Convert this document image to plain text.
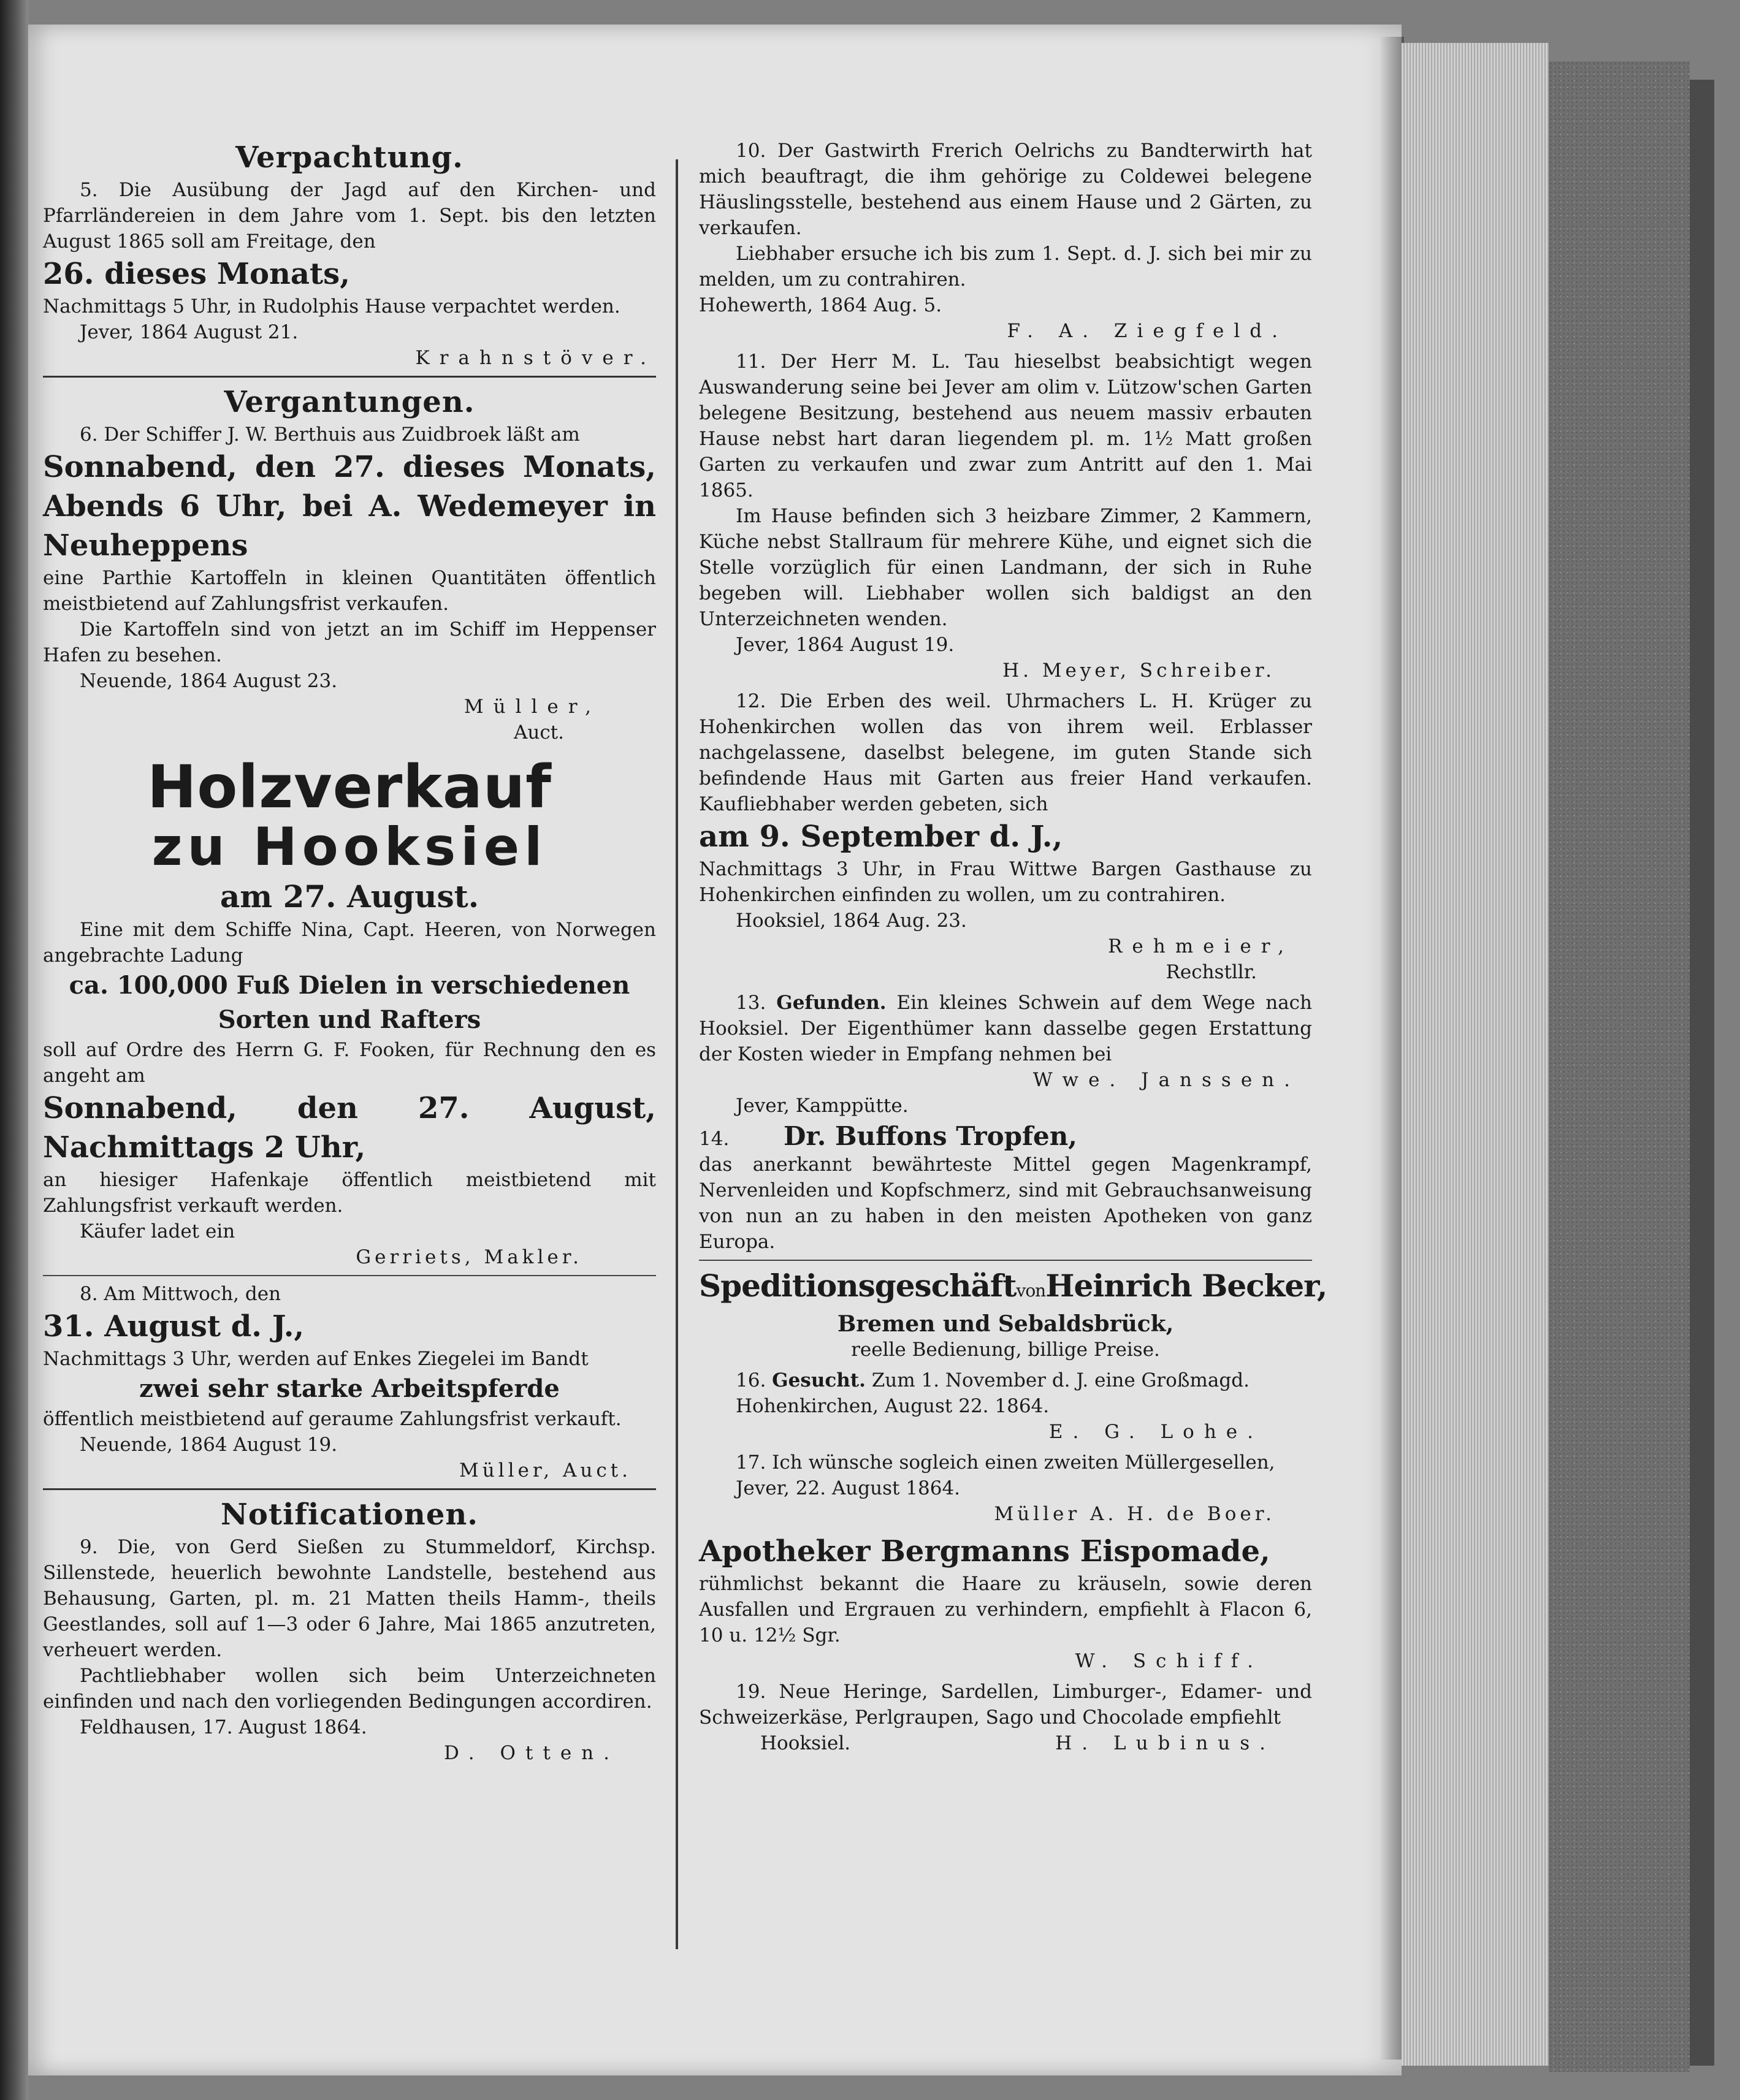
Verpachtung.

5. Die Ausübung der Jagd auf den Kirchen- und Pfarrländereien in dem Jahre vom 1. Sept. bis den letzten August 1865 soll am Freitage, den

26. dieses Monats,

Nachmittags 5 Uhr, in Rudolphis Hause verpachtet werden.

Jever, 1864 August 21.

Krahnstöver.

Vergantungen.

6. Der Schiffer J. W. Berthuis aus Zuidbroek läßt am

Sonnabend, den 27. dieses Monats, Abends 6 Uhr, bei A. Wedemeyer in Neuheppens

eine Parthie Kartoffeln in kleinen Quantitäten öffentlich meistbietend auf Zahlungsfrist verkaufen.

Die Kartoffeln sind von jetzt an im Schiff im Heppenser Hafen zu besehen.

Neuende, 1864 August 23.

Müller,

Auct.

Holzverkauf

zu Hooksiel

am 27. August.

Eine mit dem Schiffe Nina, Capt. Heeren, von Norwegen angebrachte Ladung

ca. 100,000 Fuß Dielen in verschiedenen Sorten und Rafters

soll auf Ordre des Herrn G. F. Fooken, für Rechnung den es angeht am

Sonnabend, den 27. August, Nachmittags 2 Uhr,

an hiesiger Hafenkaje öffentlich meistbietend mit Zahlungsfrist verkauft werden.

Käufer ladet ein

Gerriets, Makler.

8. Am Mittwoch, den

31. August d. J.,

Nachmittags 3 Uhr, werden auf Enkes Ziegelei im Bandt

zwei sehr starke Arbeitspferde

öffentlich meistbietend auf geraume Zahlungsfrist verkauft.

Neuende, 1864 August 19.

Müller, Auct.

Notificationen.

9. Die, von Gerd Sießen zu Stummeldorf, Kirchsp. Sillenstede, heuerlich bewohnte Landstelle, bestehend aus Behausung, Garten, pl. m. 21 Matten theils Hamm-, theils Geestlandes, soll auf 1—3 oder 6 Jahre, Mai 1865 anzutreten, verheuert werden.

Pachtliebhaber wollen sich beim Unterzeichneten einfinden und nach den vorliegenden Bedingungen accordiren.

Feldhausen, 17. August 1864.

D. Otten.

10. Der Gastwirth Frerich Oelrichs zu Bandterwirth hat mich beauftragt, die ihm gehörige zu Coldewei belegene Häuslingsstelle, bestehend aus einem Hause und 2 Gärten, zu verkaufen.

Liebhaber ersuche ich bis zum 1. Sept. d. J. sich bei mir zu melden, um zu contrahiren.

Hohewerth, 1864 Aug. 5.

F. A. Ziegfeld.

11. Der Herr M. L. Tau hieselbst beabsichtigt wegen Auswanderung seine bei Jever am olim v. Lützow'schen Garten belegene Besitzung, bestehend aus neuem massiv erbauten Hause nebst hart daran liegendem pl. m. 1½ Matt großen Garten zu verkaufen und zwar zum Antritt auf den 1. Mai 1865.

Im Hause befinden sich 3 heizbare Zimmer, 2 Kammern, Küche nebst Stallraum für mehrere Kühe, und eignet sich die Stelle vorzüglich für einen Landmann, der sich in Ruhe begeben will. Liebhaber wollen sich baldigst an den Unterzeichneten wenden.

Jever, 1864 August 19.

H. Meyer, Schreiber.

12. Die Erben des weil. Uhrmachers L. H. Krüger zu Hohenkirchen wollen das von ihrem weil. Erblasser nachgelassene, daselbst belegene, im guten Stande sich befindende Haus mit Garten aus freier Hand verkaufen. Kaufliebhaber werden gebeten, sich

am 9. September d. J.,

Nachmittags 3 Uhr, in Frau Wittwe Bargen Gasthause zu Hohenkirchen einfinden zu wollen, um zu contrahiren.

Hooksiel, 1864 Aug. 23.

Rehmeier,

Rechstllr.

13. Gefunden. Ein kleines Schwein auf dem Wege nach Hooksiel. Der Eigenthümer kann dasselbe gegen Erstattung der Kosten wieder in Empfang nehmen bei

Wwe. Janssen.

Jever, Kamppütte.

14. Dr. Buffons Tropfen,

das anerkannt bewährteste Mittel gegen Magenkrampf, Nervenleiden und Kopfschmerz, sind mit Gebrauchsanweisung von nun an zu haben in den meisten Apotheken von ganz Europa.

SpeditionsgeschäftvonHeinrich Becker,

Bremen und Sebaldsbrück,

reelle Bedienung, billige Preise.

16. Gesucht. Zum 1. November d. J. eine Großmagd.

Hohenkirchen, August 22. 1864.

E. G. Lohe.

17. Ich wünsche sogleich einen zweiten Müllergesellen,

Jever, 22. August 1864.

Müller A. H. de Boer.

Apotheker Bergmanns Eispomade,

rühmlichst bekannt die Haare zu kräuseln, sowie deren Ausfallen und Ergrauen zu verhindern, empfiehlt à Flacon 6, 10 u. 12½ Sgr.

W. Schiff.

19. Neue Heringe, Sardellen, Limburger-, Edamer- und Schweizerkäse, Perlgraupen, Sago und Chocolade empfiehlt

Hooksiel.	H. Lubinus.
